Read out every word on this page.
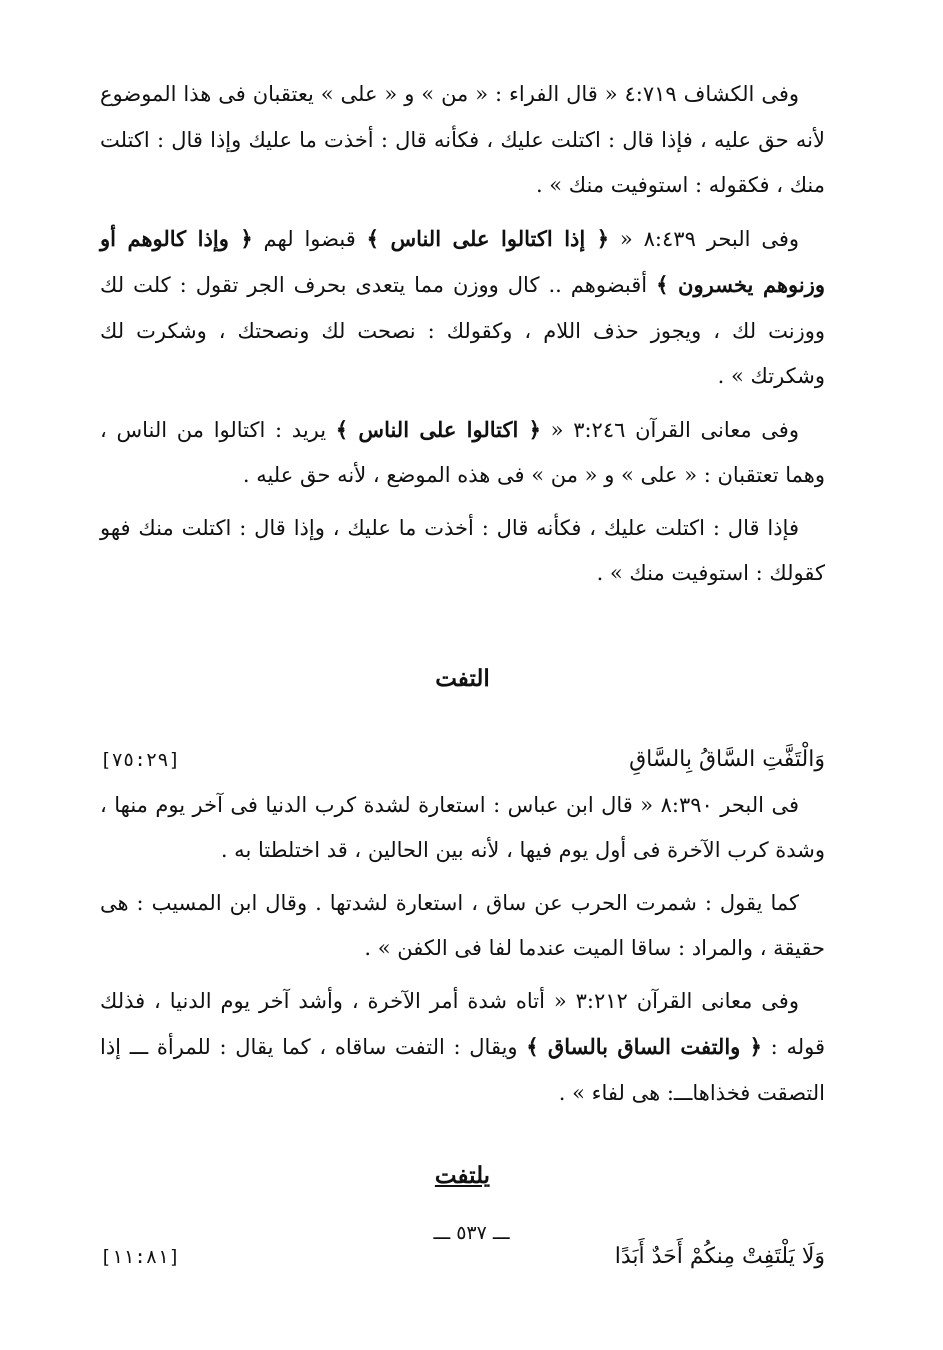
وفى الكشاف ٤:٧١٩ « قال الفراء : « من » و « على » يعتقبان فى هذا الموضوع لأنه حق عليه ، فإذا قال : اكتلت عليك ، فكأنه قال : أخذت ما عليك وإذا قال : اكتلت منك ، فكقوله : استوفيت منك » .

وفى البحر ٨:٤٣٩ « ﴿ إذا اكتالوا على الناس ﴾ قبضوا لهم ﴿ وإذا كالوهم أو وزنوهم يخسرون ﴾ أقبضوهم .. كال ووزن مما يتعدى بحرف الجر تقول : كلت لك ووزنت لك ، ويجوز حذف اللام ، وكقولك : نصحت لك ونصحتك ، وشكرت لك وشكرتك » .

وفى معانى القرآن ٣:٢٤٦ « ﴿ اكتالوا على الناس ﴾ يريد : اكتالوا من الناس ، وهما تعتقبان : « على » و « من » فى هذه الموضع ، لأنه حق عليه .

فإذا قال : اكتلت عليك ، فكأنه قال : أخذت ما عليك ، وإذا قال : اكتلت منك فهو كقولك : استوفيت منك » .

التفت
وَالْتَفَّتِ السَّاقُ بِالسَّاقِ
[٧٥:٢٩]

فى البحر ٨:٣٩٠ « قال ابن عباس : استعارة لشدة كرب الدنيا فى آخر يوم منها ، وشدة كرب الآخرة فى أول يوم فيها ، لأنه بين الحالين ، قد اختلطتا به .

كما يقول : شمرت الحرب عن ساق ، استعارة لشدتها . وقال ابن المسيب : هى حقيقة ، والمراد : ساقا الميت عندما لفا فى الكفن » .

وفى معانى القرآن ٣:٢١٢ « أتاه شدة أمر الآخرة ، وأشد آخر يوم الدنيا ، فذلك قوله : ﴿ والتفت الساق بالساق ﴾ ويقال : التفت ساقاه ، كما يقال : للمرأة ـــ إذا التصقت فخذاهاـــ: هى لفاء » .

يلتفت
وَلَا يَلْتَفِتْ مِنكُمْ أَحَدٌ أَبَدًا
[١١:٨١]
ـــ ٥٣٧ ـــ
